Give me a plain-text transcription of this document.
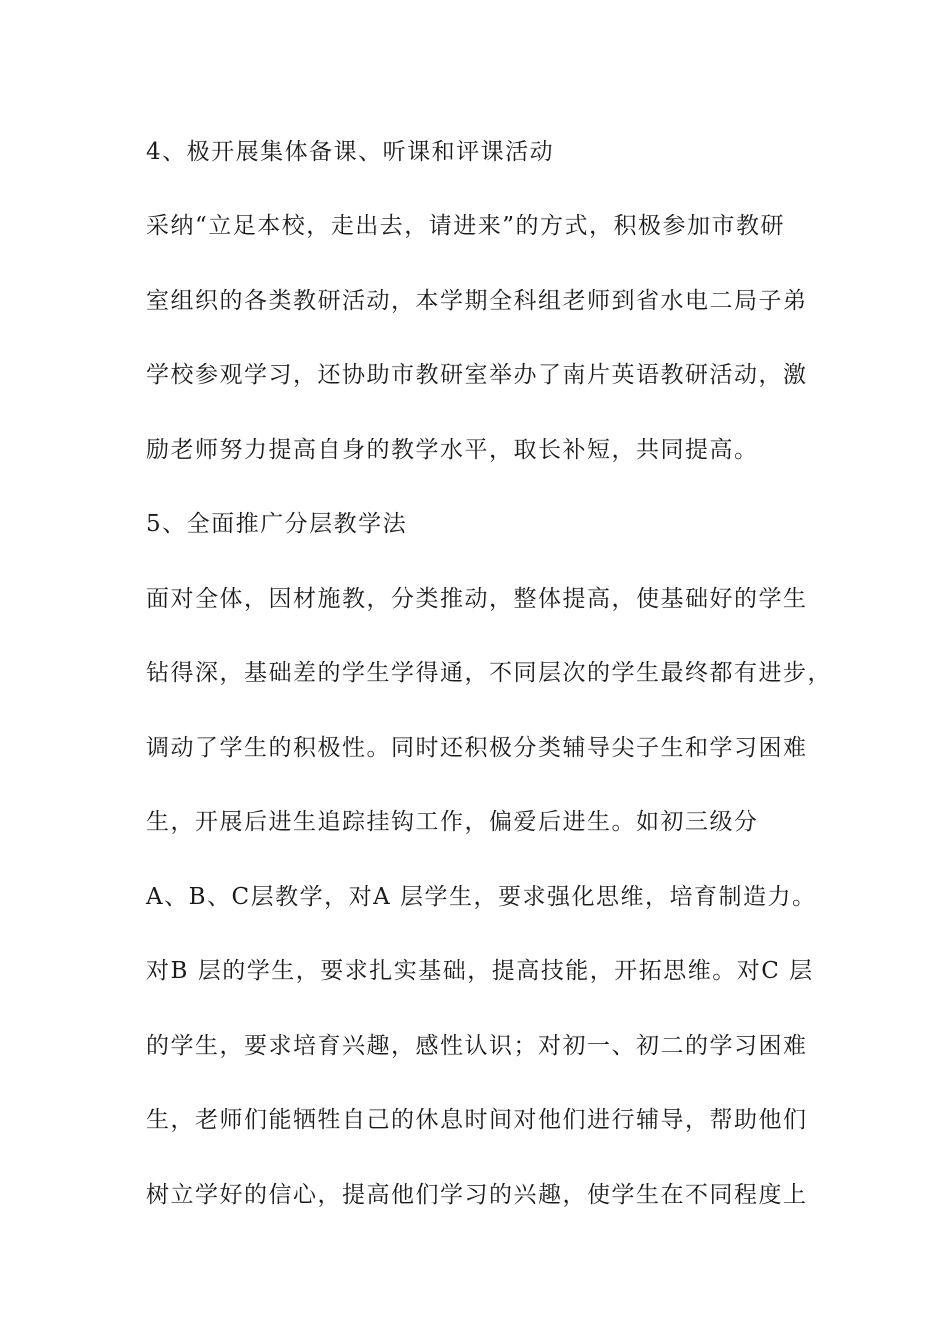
4、极开展集体备课、听课和评课活动
采纳“立足本校，走出去，请进来”的方式，积极参加市教研
室组织的各类教研活动，本学期全科组老师到省水电二局子弟
学校参观学习，还协助市教研室举办了南片英语教研活动，激
励老师努力提高自身的教学水平，取长补短，共同提高。
5、全面推广分层教学法
面对全体，因材施教，分类推动，整体提高，使基础好的学生
钻得深，基础差的学生学得通，不同层次的学生最终都有进步，
调动了学生的积极性。同时还积极分类辅导尖子生和学习困难
生，开展后进生追踪挂钩工作，偏爱后进生。如初三级分
A、B、C层教学，对A 层学生，要求强化思维，培育制造力。
对B 层的学生，要求扎实基础，提高技能，开拓思维。对C 层
的学生，要求培育兴趣，感性认识；对初一、初二的学习困难
生，老师们能牺牲自己的休息时间对他们进行辅导，帮助他们
树立学好的信心，提高他们学习的兴趣，使学生在不同程度上
